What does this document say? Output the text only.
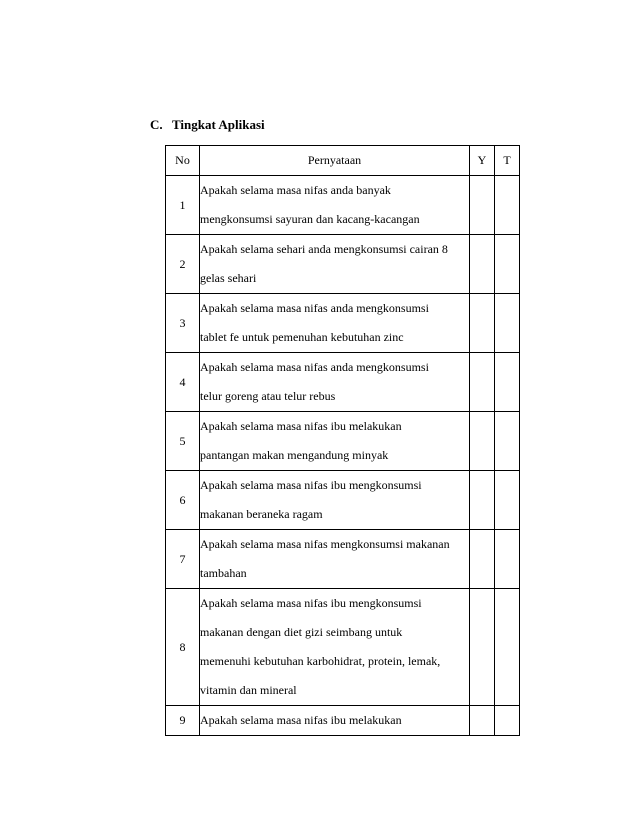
C. Tingkat Aplikasi
No	Pernyataan	Y	T
1	Apakah selama masa nifas anda banyak
mengkonsumsi sayuran dan kacang-kacangan		

2	Apakah selama sehari anda mengkonsumsi cairan 8
gelas sehari		

3	Apakah selama masa nifas anda mengkonsumsi
tablet fe untuk pemenuhan kebutuhan zinc		

4	Apakah selama masa nifas anda mengkonsumsi
telur goreng atau telur rebus		

5	Apakah selama masa nifas ibu melakukan
pantangan makan mengandung minyak		

6	Apakah selama masa nifas ibu mengkonsumsi
makanan beraneka ragam		

7	Apakah selama masa nifas mengkonsumsi makanan
tambahan		

8	Apakah selama masa nifas ibu mengkonsumsi
makanan dengan diet gizi seimbang untuk
memenuhi kebutuhan karbohidrat, protein, lemak,
vitamin dan mineral		

9	Apakah selama masa nifas ibu melakukan		
